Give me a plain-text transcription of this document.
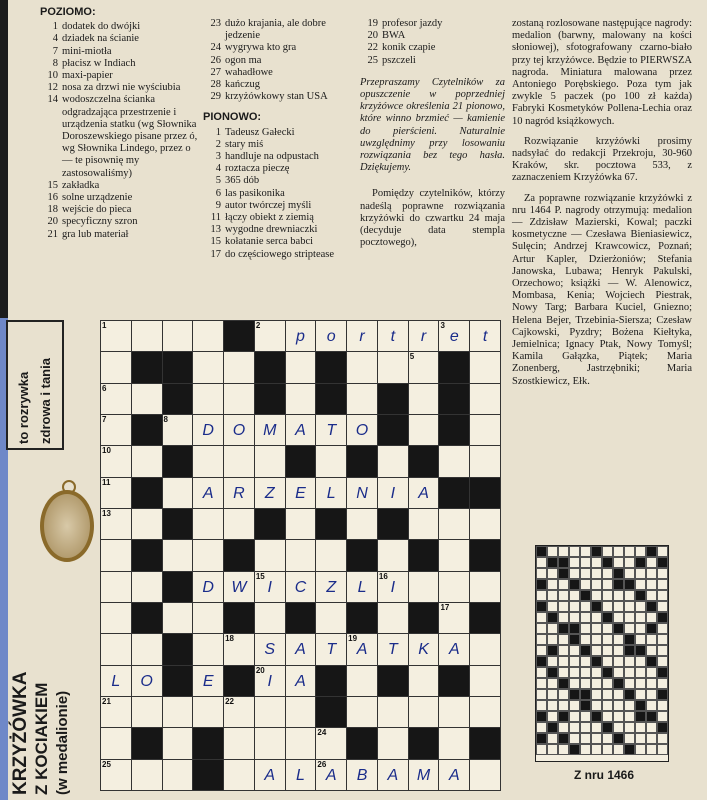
POZIOMO:
1 dodatek do dwójki
4 dziadek na ścianie
7 mini-miotła
8 płacisz w Indiach
10 maxi-papier
12 nosa za drzwi nie wyściubia
14 wodoszczelna ściankа odgradzająca przestrzenie i urządzenia statku (wg Słownika Doroszewskiego pisane przez ó, wg Słownika Lindego, przez o — te pisownię my zastosowaliśmy)
15 zakładka
16 solne urządzenie
18 wejście do pieca
20 specyficzny szron
21 gra lub materiał
23 dużo krajania, ale dobre jedzenie
24 wygrywa kto gra
26 ogon ma
27 wahadłowe
28 kańczug
29 krzyżówkowy stan USA
PIONOWO:
1 Tadeusz Gałecki
2 stary miś
3 handluje na odpustach
4 roztacza pieczę
5 365 dób
6 las pasikonika
9 autor twórczej myśli
11 łączy obiekt z ziemią
13 wygodne drewniaczki
15 kołatanie serca babci
17 do częściowego striptease
19 profesor jazdy
20 BWA
22 konik czapie
25 pszczeli

Przepraszamy Czytelników za opuszczenie w poprzedniej krzyżówce określenia 21 pionowo, które winno brzmieć — kamienie do pierścieni. Naturalnie uwzględnimy przy losowaniu rozwiązania bez tego hasła. Dziękujemy.

Pomiędzy czytelników, którzy nadeślą poprawne rozwiązania krzyżówki do czwartku 24 maja (decyduje data stempla pocztowego),

zostaną rozlosowane następujące nagrody: medalion (barwny, malowany na kości słoniowej), sfotografowany czarno-biało przy tej krzyżówce. Będzie to PIERWSZA nagroda. Miniatura malowana przez Antoniego Porębskiego. Poza tym jak zwykle 5 paczek (po 100 zł każda) Fabryki Kosmetyków Pollena-Lechia oraz 10 nagród książkowych.

Rozwiązanie krzyżówki prosimy nadsyłać do redakcji Przekroju, 30-960 Kraków, skr. pocztowa 533, z zaznaczeniem Krzyżówka 67.

Za poprawne rozwiązanie krzyżówki z nru 1464 P. nagrody otrzymują: medalion — Zdzisław Mazierski, Kowal; paczki kosmetyczne — Czesława Bieniasiewicz, Sulęcin; Andrzej Krawcowicz, Poznań; Artur Kapler, Dzierżoniów; Stefania Janowska, Lubawa; Henryk Pakulski, Orzechowo; książki — W. Alenowicz, Mombasa, Kenia; Wojciech Piestrak, Nowy Targ; Barbara Kuciel, Gniezno; Helena Bejer, Trzebinia-Siersza; Czesław Cajkowski, Pyzdry; Bożena Kiełtyka, Jemielnica; Ignacy Ptak, Nowy Tomyśl; Kamila Gałązka, Piątek; Maria Zonenberg, Jastrzębniki; Maria Szostkiewicz, Ełk.

to rozrywka zdrowa i tania
KRZYŻÓWKA Z KOCIAKIEM (w medalionie)
1	2
p	o	r	t	r
3
e	t
5
6
7	8
D	O	M	A	T	O
10
11
A	R	Z	E	L	N	I	A
13
D	W
15
I	C	Z	L
16
I
17
18
S	A	T
19
A	T	K	A
L	O	E
20
I	A
21	22
24
25
A	L
26
A	B	A	M	A	Z nru 1466
